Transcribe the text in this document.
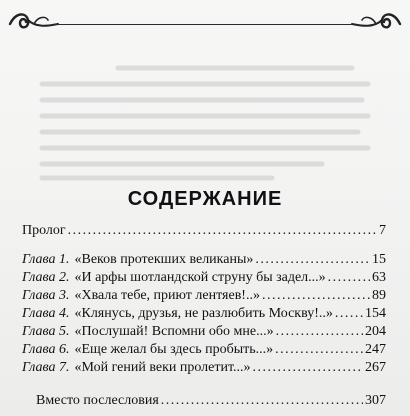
СОДЕРЖАНИЕ
Пролог . . .	7
Глава 1. «Веков протекших великаны» . . .	15
Глава 2. «И арфы шотландской струну бы задел...» . . .	63
Глава 3. «Хвала тебе, приют лентяев!..» . . .	89
Глава 4. «Клянусь, друзья, не разлюбить Москву!..» . . . 154
Глава 5. «Послушай! Вспомни обо мне...» . . .	204
Глава 6. «Еще желал бы здесь пробыть...» . . .	247
Глава 7. «Мой гений веки пролетит...» . . .	267
Вместо послесловия . . .	307
